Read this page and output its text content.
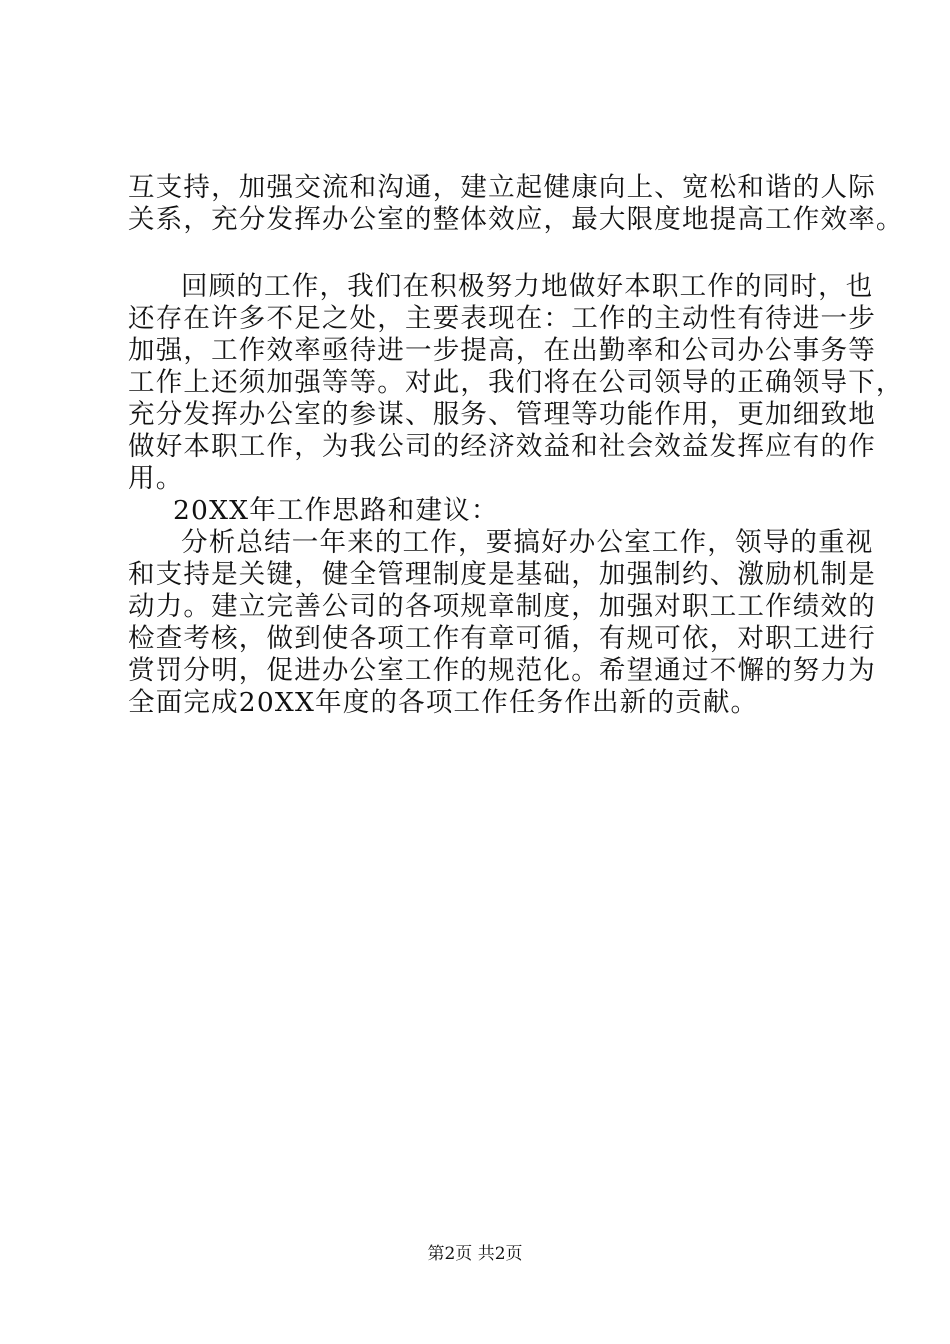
互支持，加强交流和沟通，建立起健康向上、宽松和谐的人际
关系，充分发挥办公室的整体效应，最大限度地提高工作效率。
回顾的工作，我们在积极努力地做好本职工作的同时，也
还存在许多不足之处，主要表现在：工作的主动性有待进一步
加强，工作效率亟待进一步提高，在出勤率和公司办公事务等
工作上还须加强等等。对此，我们将在公司领导的正确领导下，
充分发挥办公室的参谋、服务、管理等功能作用，更加细致地
做好本职工作，为我公司的经济效益和社会效益发挥应有的作
用。
20XX年工作思路和建议：
分析总结一年来的工作，要搞好办公室工作，领导的重视
和支持是关键，健全管理制度是基础，加强制约、激励机制是
动力。建立完善公司的各项规章制度，加强对职工工作绩效的
检查考核，做到使各项工作有章可循，有规可依，对职工进行
赏罚分明，促进办公室工作的规范化。希望通过不懈的努力为
全面完成20XX年度的各项工作任务作出新的贡献。
第2页 共2页
